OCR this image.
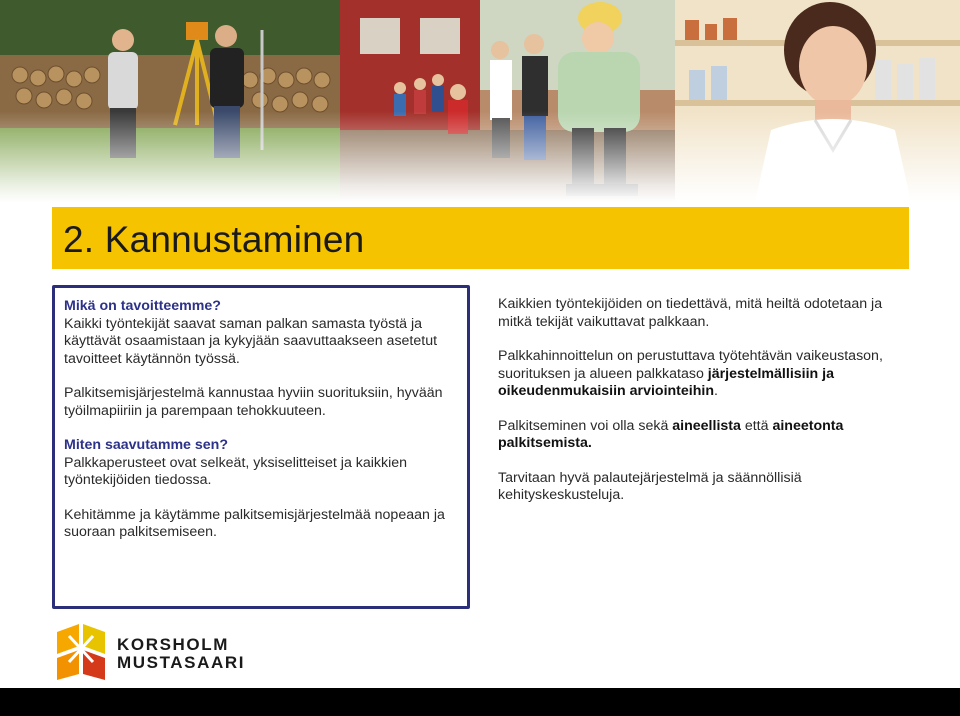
2. Kannustaminen

Mikä on tavoitteemme?

Kaikki työntekijät saavat saman palkan samasta työstä ja käyttävät osaamistaan ja kykyjään saavuttaakseen asetetut tavoitteet käytännön työssä.

Palkitsemisjärjestelmä kannustaa hyviin suorituksiin, hyvään työilmapiiriin ja parempaan tehokkuuteen.

Miten saavutamme sen?

Palkkaperusteet ovat selkeät, yksiselitteiset ja kaikkien työntekijöiden tiedossa.

Kehitämme ja käytämme palkitsemisjärjestelmää nopeaan ja suoraan palkitsemiseen.

Kaikkien työntekijöiden on tiedettävä, mitä heiltä odotetaan ja mitkä tekijät vaikuttavat palkkaan.

Palkkahinnoittelun on perustuttava työtehtävän vaikeustason, suorituksen ja alueen palkkataso järjestelmällisiin ja oikeudenmukaisiin arviointeihin.

Palkitseminen voi olla sekä aineellista että aineetonta palkitsemista.

Tarvitaan hyvä palautejärjestelmä ja säännöllisiä kehityskeskusteluja.

KORSHOLM
MUSTASAARI
